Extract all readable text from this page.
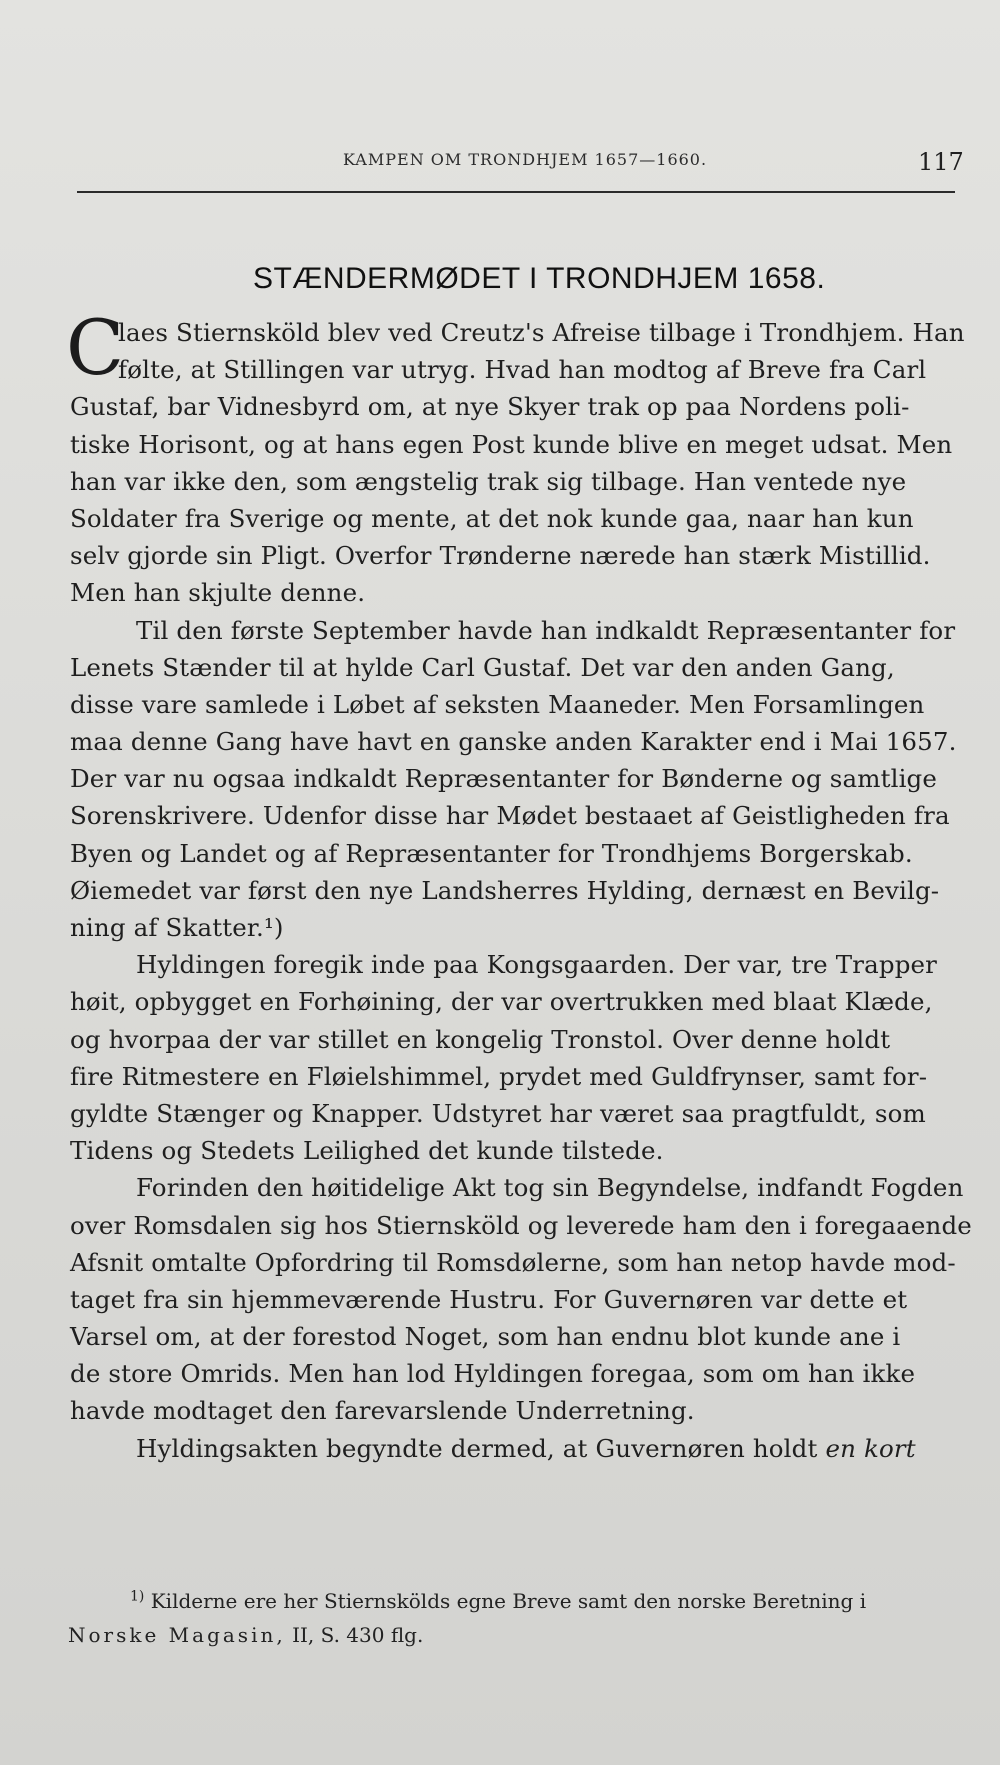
KAMPEN OM TRONDHJEM 1657—1660.	117
STÆNDERMØDET I TRONDHJEM 1658.
C
laes Stiernsköld blev ved Creutz's Afreise tilbage i Trondhjem. Han
følte, at Stillingen var utryg. Hvad han modtog af Breve fra Carl
Gustaf, bar Vidnesbyrd om, at nye Skyer trak op paa Nordens poli-
tiske Horisont, og at hans egen Post kunde blive en meget udsat. Men
han var ikke den, som ængstelig trak sig tilbage. Han ventede nye
Soldater fra Sverige og mente, at det nok kunde gaa, naar han kun
selv gjorde sin Pligt. Overfor Trønderne nærede han stærk Mistillid.
Men han skjulte denne.
Til den første September havde han indkaldt Repræsentanter for
Lenets Stænder til at hylde Carl Gustaf. Det var den anden Gang,
disse vare samlede i Løbet af seksten Maaneder. Men Forsamlingen
maa denne Gang have havt en ganske anden Karakter end i Mai 1657.
Der var nu ogsaa indkaldt Repræsentanter for Bønderne og samtlige
Sorenskrivere. Udenfor disse har Mødet bestaaet af Geistligheden fra
Byen og Landet og af Repræsentanter for Trondhjems Borgerskab.
Øiemedet var først den nye Landsherres Hylding, dernæst en Bevilg-
ning af Skatter.¹)
Hyldingen foregik inde paa Kongsgaarden. Der var, tre Trapper
høit, opbygget en Forhøining, der var overtrukken med blaat Klæde,
og hvorpaa der var stillet en kongelig Tronstol. Over denne holdt
fire Ritmestere en Fløielshimmel, prydet med Guldfrynser, samt for-
gyldte Stænger og Knapper. Udstyret har været saa pragtfuldt, som
Tidens og Stedets Leilighed det kunde tilstede.
Forinden den høitidelige Akt tog sin Begyndelse, indfandt Fogden
over Romsdalen sig hos Stiernsköld og leverede ham den i foregaaende
Afsnit omtalte Opfordring til Romsdølerne, som han netop havde mod-
taget fra sin hjemmeværende Hustru. For Guvernøren var dette et
Varsel om, at der forestod Noget, som han endnu blot kunde ane i
de store Omrids. Men han lod Hyldingen foregaa, som om han ikke
havde modtaget den farevarslende Underretning.
Hyldingsakten begyndte dermed, at Guvernøren holdt en kort
$^{1)}$ Kilderne ere her Stiernskölds egne Breve samt den norske Beretning i
Norske Magasin, II, S. 430 flg.
